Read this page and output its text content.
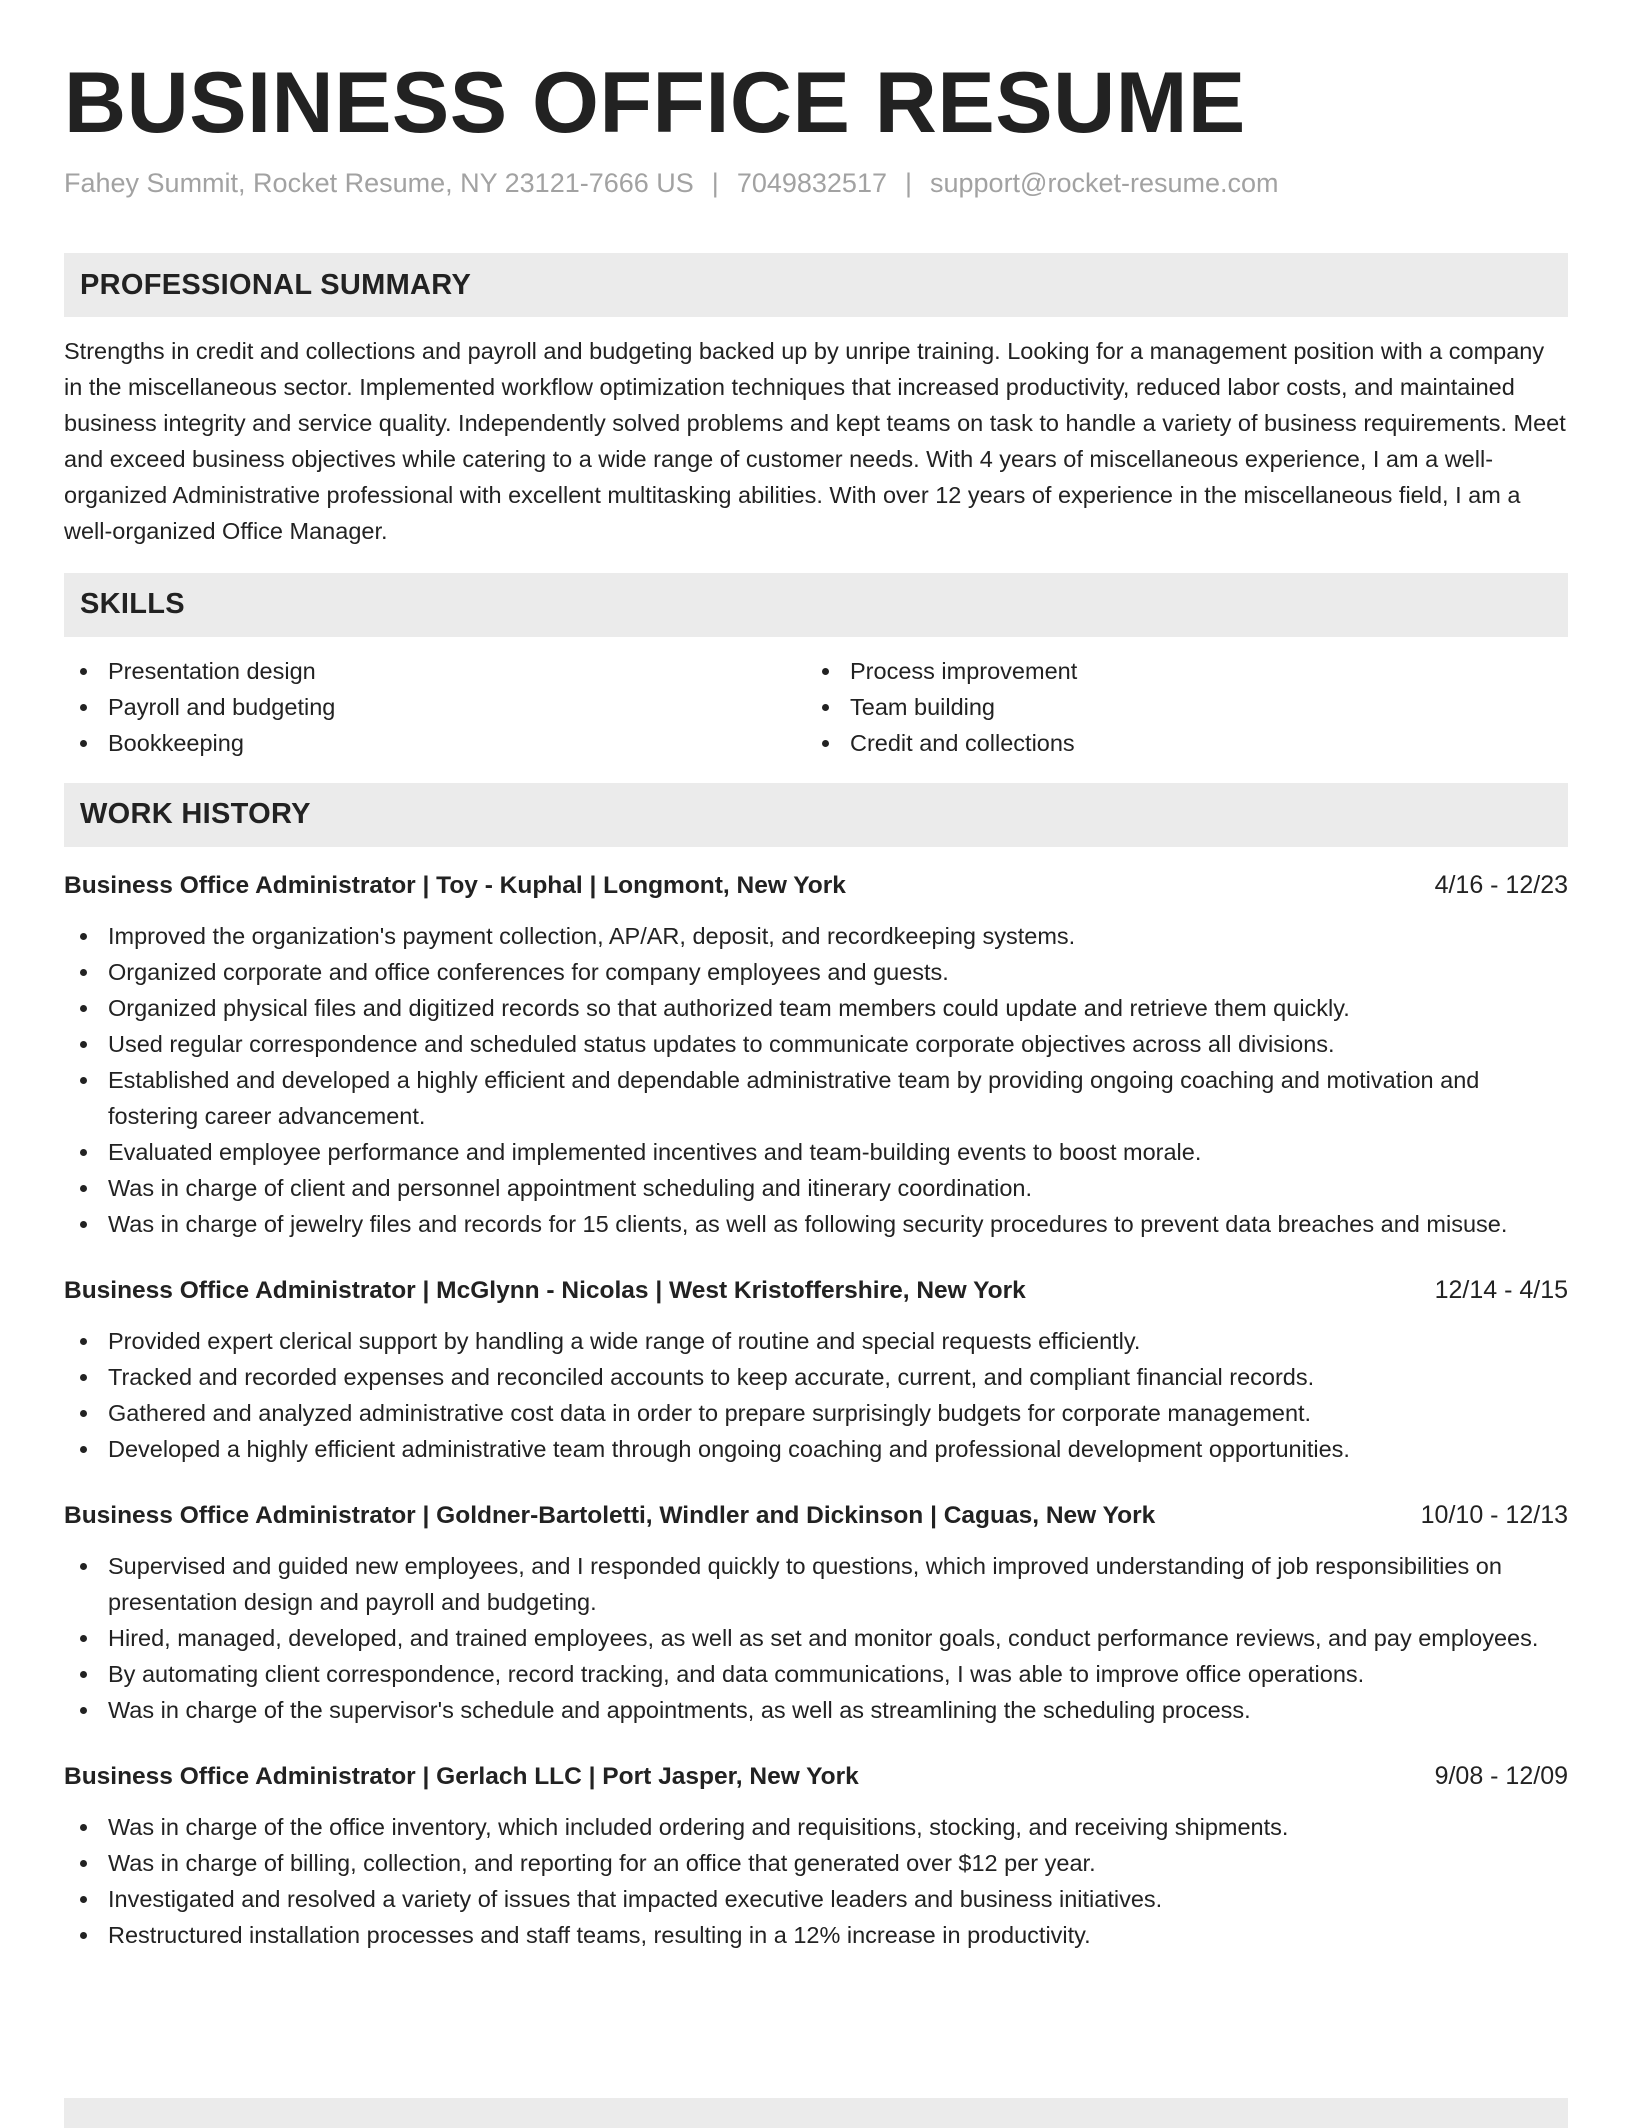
BUSINESS OFFICE RESUME
Fahey Summit, Rocket Resume, NY 23121-7666 US | 7049832517 | support@rocket-resume.com
PROFESSIONAL SUMMARY

Strengths in credit and collections and payroll and budgeting backed up by unripe training. Looking for a management position with a company in the miscellaneous sector. Implemented workflow optimization techniques that increased productivity, reduced labor costs, and maintained business integrity and service quality. Independently solved problems and kept teams on task to handle a variety of business requirements. Meet and exceed business objectives while catering to a wide range of customer needs. With 4 years of miscellaneous experience, I am a well-organized Administrative professional with excellent multitasking abilities. With over 12 years of experience in the miscellaneous field, I am a well-organized Office Manager.

SKILLS
Presentation design
Payroll and budgeting
Bookkeeping
Process improvement
Team building
Credit and collections
WORK HISTORY
Business Office Administrator | Toy - Kuphal | Longmont, New York	4/16 - 12/23
Improved the organization's payment collection, AP/AR, deposit, and recordkeeping systems.
Organized corporate and office conferences for company employees and guests.
Organized physical files and digitized records so that authorized team members could update and retrieve them quickly.
Used regular correspondence and scheduled status updates to communicate corporate objectives across all divisions.
Established and developed a highly efficient and dependable administrative team by providing ongoing coaching and motivation and fostering career advancement.
Evaluated employee performance and implemented incentives and team-building events to boost morale.
Was in charge of client and personnel appointment scheduling and itinerary coordination.
Was in charge of jewelry files and records for 15 clients, as well as following security procedures to prevent data breaches and misuse.
Business Office Administrator | McGlynn - Nicolas | West Kristoffershire, New York	12/14 - 4/15
Provided expert clerical support by handling a wide range of routine and special requests efficiently.
Tracked and recorded expenses and reconciled accounts to keep accurate, current, and compliant financial records.
Gathered and analyzed administrative cost data in order to prepare surprisingly budgets for corporate management.
Developed a highly efficient administrative team through ongoing coaching and professional development opportunities.
Business Office Administrator | Goldner-Bartoletti, Windler and Dickinson | Caguas, New York	10/10 - 12/13
Supervised and guided new employees, and I responded quickly to questions, which improved understanding of job responsibilities on presentation design and payroll and budgeting.
Hired, managed, developed, and trained employees, as well as set and monitor goals, conduct performance reviews, and pay employees.
By automating client correspondence, record tracking, and data communications, I was able to improve office operations.
Was in charge of the supervisor's schedule and appointments, as well as streamlining the scheduling process.
Business Office Administrator | Gerlach LLC | Port Jasper, New York	9/08 - 12/09
Was in charge of the office inventory, which included ordering and requisitions, stocking, and receiving shipments.
Was in charge of billing, collection, and reporting for an office that generated over $12 per year.
Investigated and resolved a variety of issues that impacted executive leaders and business initiatives.
Restructured installation processes and staff teams, resulting in a 12% increase in productivity.
